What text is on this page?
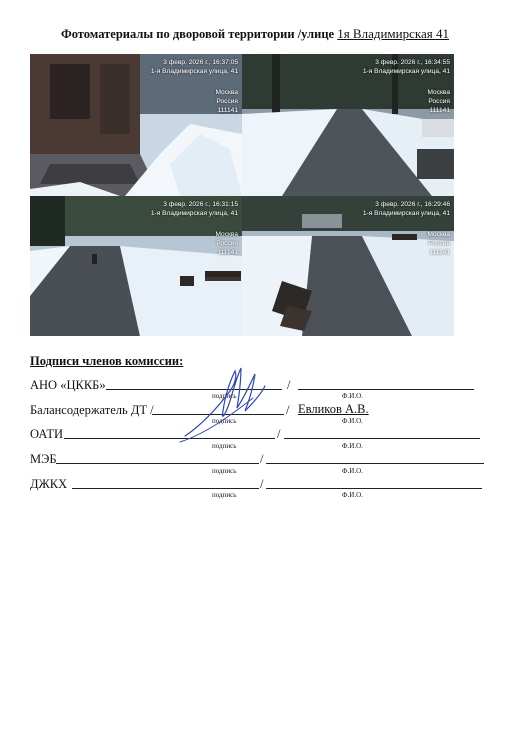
Фотоматериалы по дворовой территории /улице 1я Владимирская 41
3 февр. 2026 г., 16:37:05
1-я Владимирская улица, 41
Москва
Россия
111141
3 февр. 2026 г., 16:34:55
1-я Владимирская улица, 41
Москва
Россия
111141
3 февр. 2026 г., 16:31:15
1-я Владимирская улица, 41
Москва
Россия
111141
3 февр. 2026 г., 16:29:46
1-я Владимирская улица, 41
Москва
Россия
111141
Подписи членов комиссии:
АНО «ЦККБ»	/
подпись	Ф.И.О.
Балансодержатель ДТ /	/ Евликов А.В.
подпись	Ф.И.О.
ОАТИ	/
подпись	Ф.И.О.
МЭБ	/
подпись	Ф.И.О.
ДЖКХ	/
подпись	Ф.И.О.
